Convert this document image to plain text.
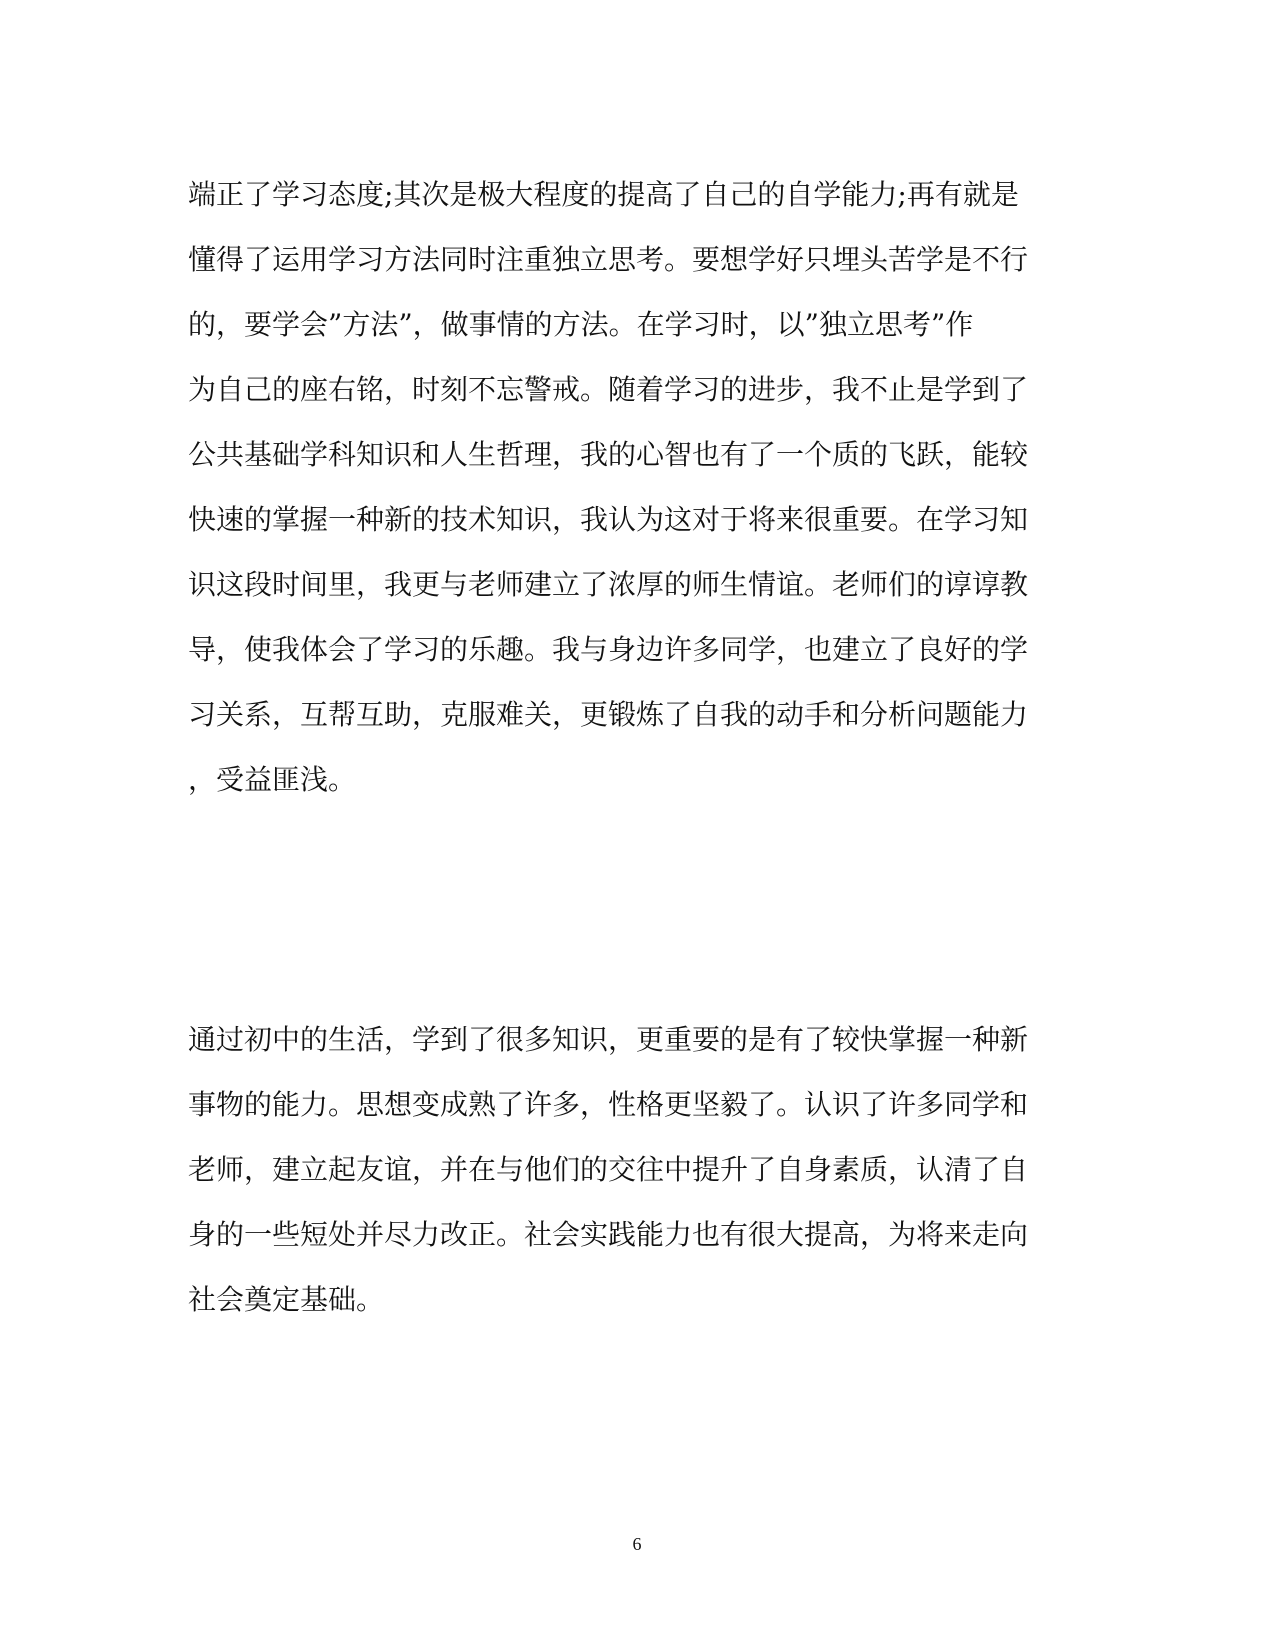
端正了学习态度;其次是极大程度的提高了自己的自学能力;再有就是
懂得了运用学习方法同时注重独立思考。要想学好只埋头苦学是不行
的，要学会”方法”，做事情的方法。在学习时，以”独立思考”作
为自己的座右铭，时刻不忘警戒。随着学习的进步，我不止是学到了
公共基础学科知识和人生哲理，我的心智也有了一个质的飞跃，能较
快速的掌握一种新的技术知识，我认为这对于将来很重要。在学习知
识这段时间里，我更与老师建立了浓厚的师生情谊。老师们的谆谆教
导，使我体会了学习的乐趣。我与身边许多同学，也建立了良好的学
习关系，互帮互助，克服难关，更锻炼了自我的动手和分析问题能力
，受益匪浅。
通过初中的生活，学到了很多知识，更重要的是有了较快掌握一种新
事物的能力。思想变成熟了许多，性格更坚毅了。认识了许多同学和
老师，建立起友谊，并在与他们的交往中提升了自身素质，认清了自
身的一些短处并尽力改正。社会实践能力也有很大提高，为将来走向
社会奠定基础。
6
